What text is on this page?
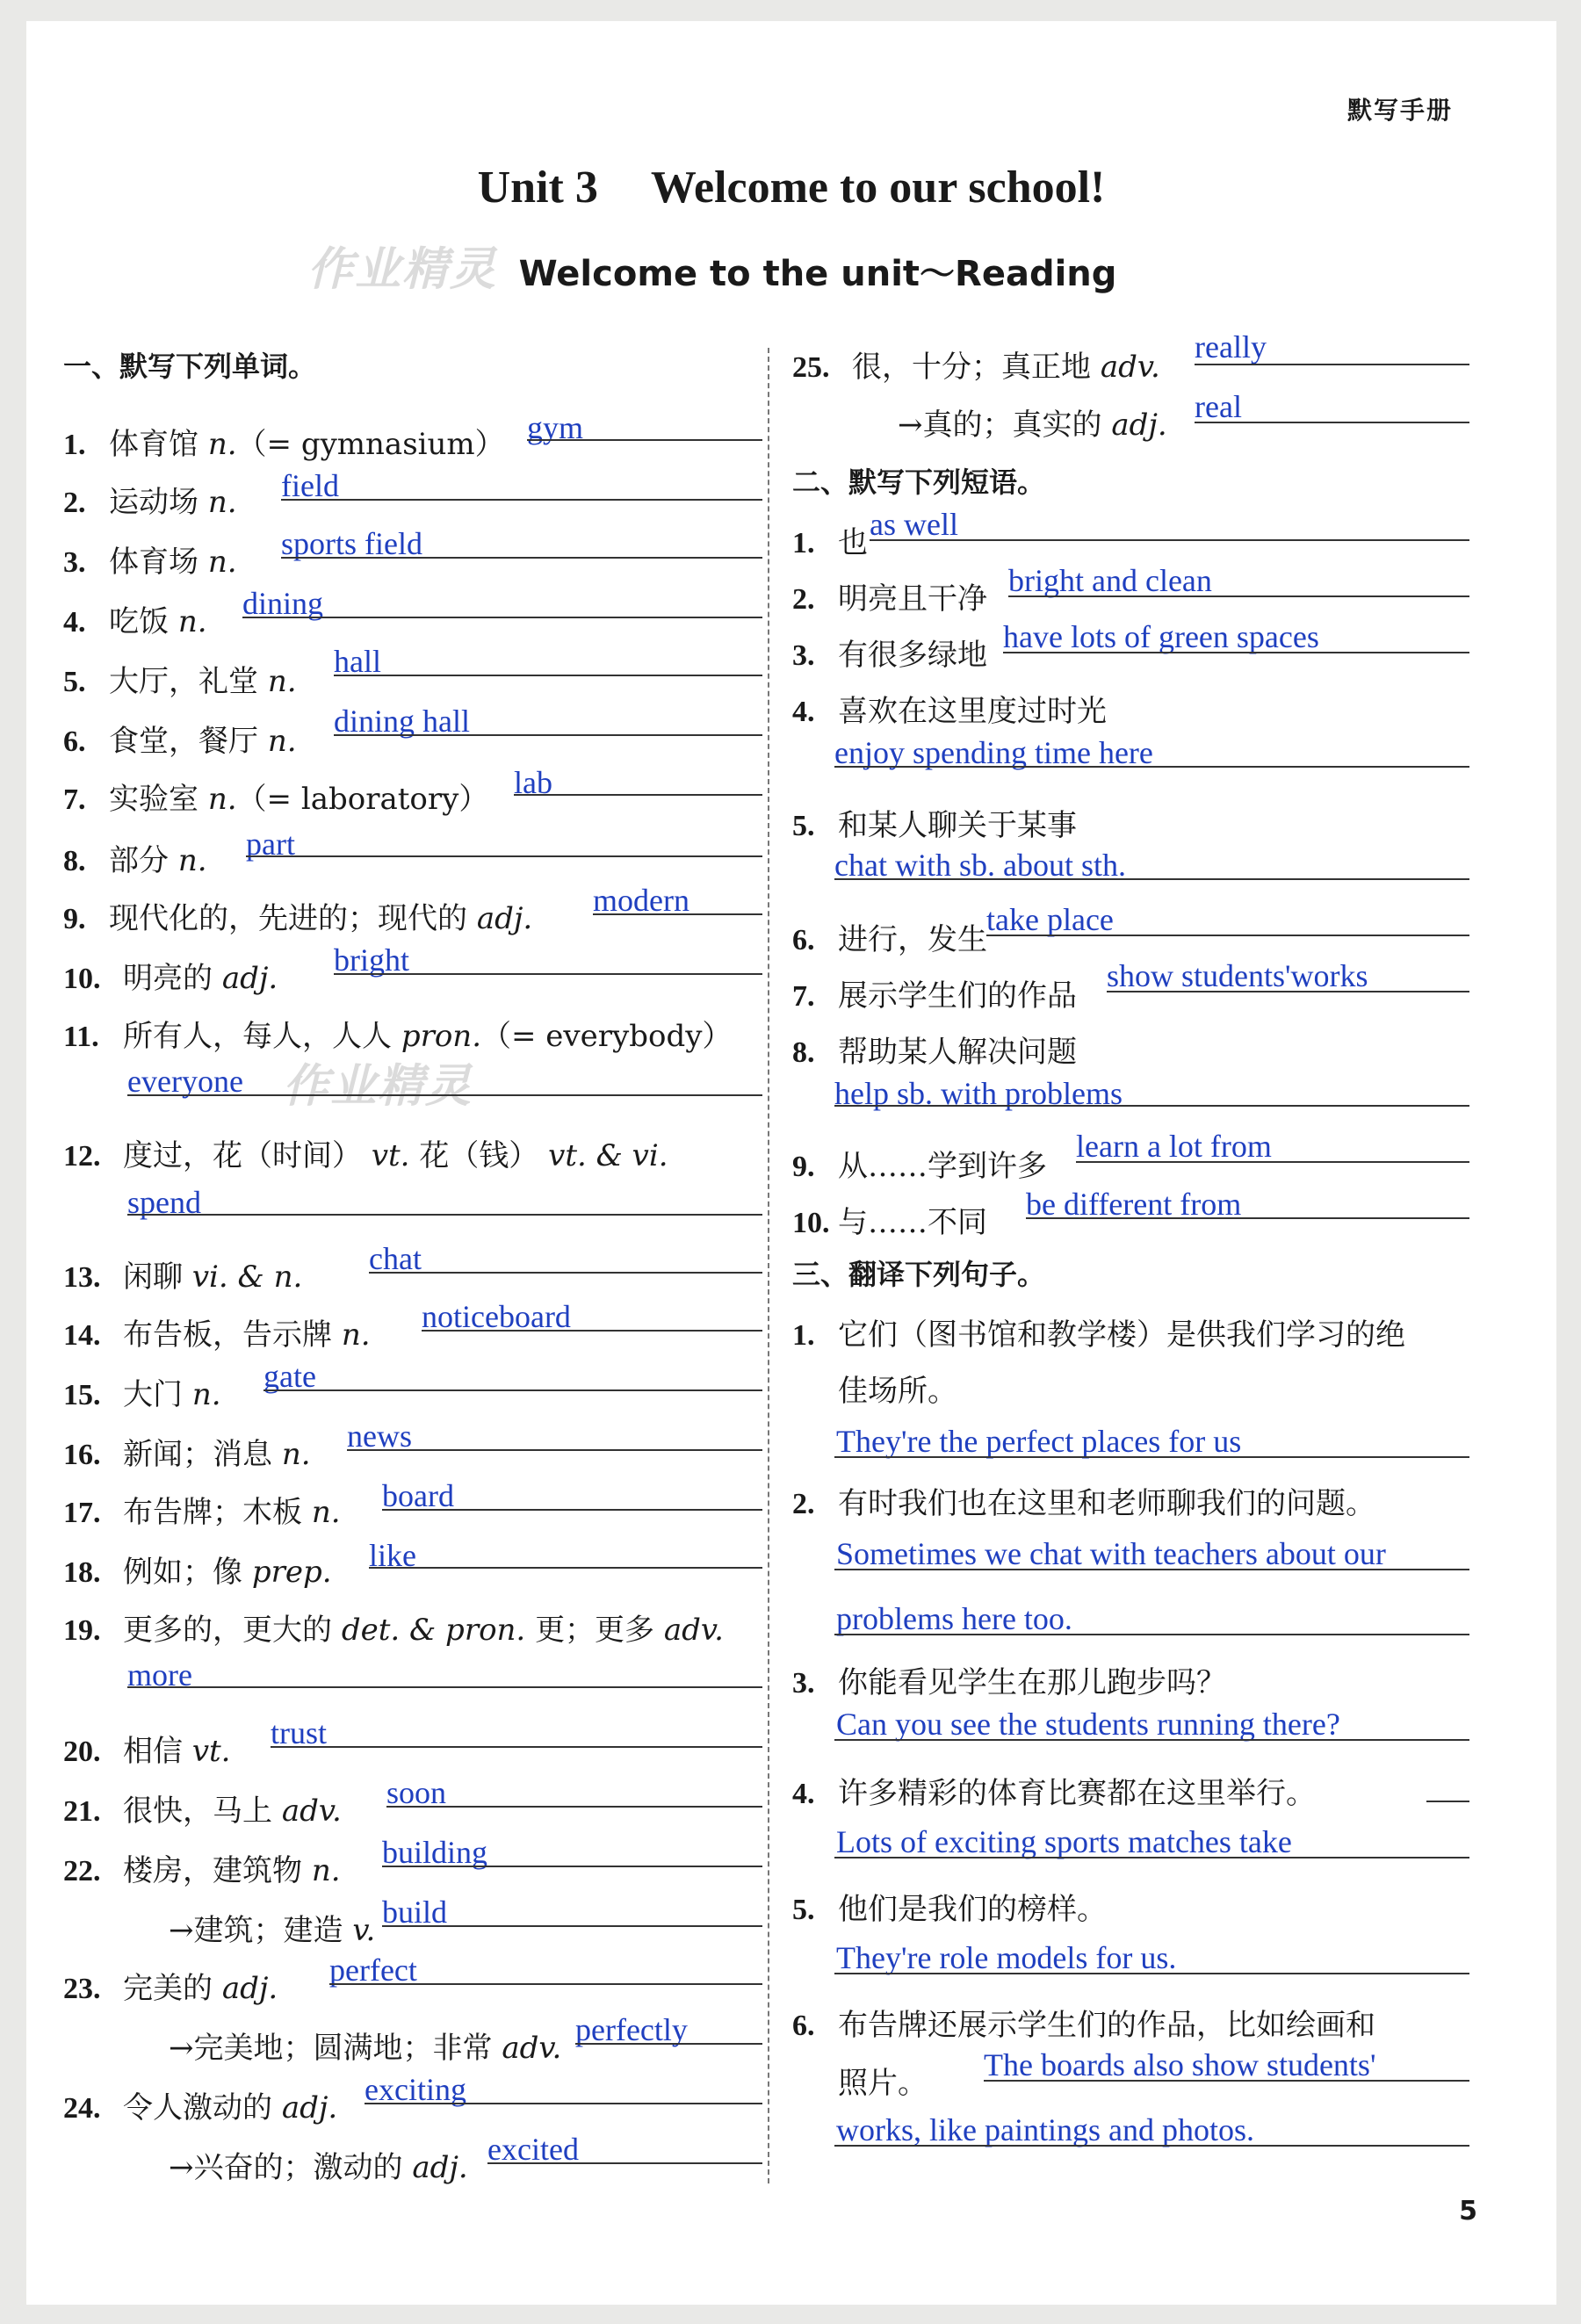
默写手册
Unit 3 Welcome to our school!
Welcome to the unit～Reading
作业精灵
作业精灵
一、默写下列单词。
1. 体育馆 n.（= gymnasium） gym
2. 运动场 n. field
3. 体育场 n.
sports field
4. 吃饭 n.
dining
5. 大厅，礼堂 n.
hall
6. 食堂，餐厅 n.
dining hall
7. 实验室 n.（= laboratory） lab
8. 部分 n. part
9. 现代化的，先进的；现代的 adj.
modern
10. 明亮的 adj.
bright
11. 所有人，每人，人人 pron.（= everybody）
everyone
12. 度过，花（时间） vt. 花（钱） vt. & vi.
spend
13. 闲聊 vi. & n.
chat
14. 布告板，告示牌 n.
noticeboard
15. 大门 n.
gate
16. 新闻；消息 n.
news
17. 布告牌；木板 n. board
18. 例如；像 prep. like
19. 更多的，更大的 det. & pron. 更；更多 adv.
more
20. 相信 vt.
trust
21. 很快，马上 adv.
soon
22. 楼房，建筑物 n.
building
→建筑；建造 v.
build
23. 完美的 adj.
perfect
→完美地；圆满地；非常 adv.
perfectly
24. 令人激动的 adj.
exciting
→兴奋的；激动的 adj.
excited
25. 很，十分；真正地 adv.
really
→真的；真实的 adj.
real
二、默写下列短语。
1. 也
as well
2. 明亮且干净
bright and clean
3. 有很多绿地
have lots of green spaces
4. 喜欢在这里度过时光
enjoy spending time here
5. 和某人聊关于某事
chat with sb. about sth.
6. 进行，发生
take place
7. 展示学生们的作品
show students'works
8. 帮助某人解决问题
help sb. with problems
9. 从……学到许多
learn a lot from
10. 与……不同
be different from
三、翻译下列句子。
1. 它们（图书馆和教学楼）是供我们学习的绝
佳场所。
They're the perfect places for us
2. 有时我们也在这里和老师聊我们的问题。
Sometimes we chat with teachers about our
problems here too.
3. 你能看见学生在那儿跑步吗？
Can you see the students running there?
4. 许多精彩的体育比赛都在这里举行。
Lots of exciting sports matches take
5. 他们是我们的榜样。
They're role models for us.
6. 布告牌还展示学生们的作品，比如绘画和
照片。
The boards also show students'
works, like paintings and photos.
5
